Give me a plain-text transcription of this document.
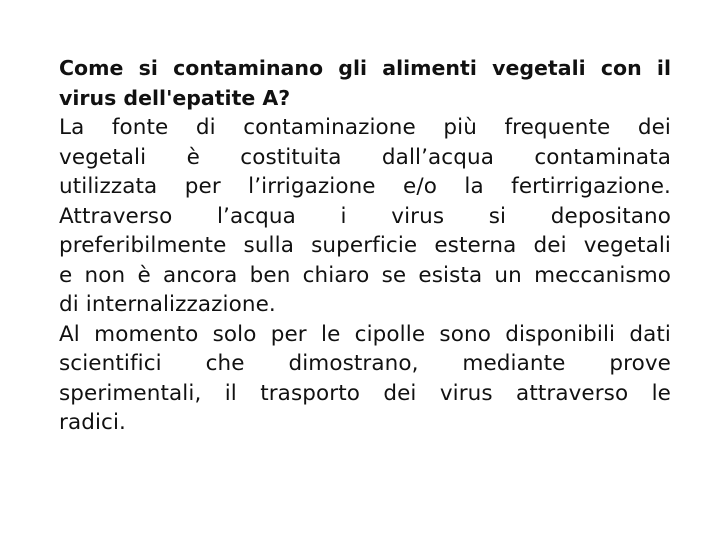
Come si contaminano gli alimenti vegetali con il
virus dell'epatite A?

La fonte di contaminazione più frequente dei
vegetali è costituita dall’acqua contaminata
utilizzata per l’irrigazione e/o la fertirrigazione.
Attraverso l’acqua i virus si depositano
preferibilmente sulla superficie esterna dei vegetali
e non è ancora ben chiaro se esista un meccanismo
di internalizzazione.

Al momento solo per le cipolle sono disponibili dati
scientifici che dimostrano, mediante prove
sperimentali, il trasporto dei virus attraverso le
radici.
